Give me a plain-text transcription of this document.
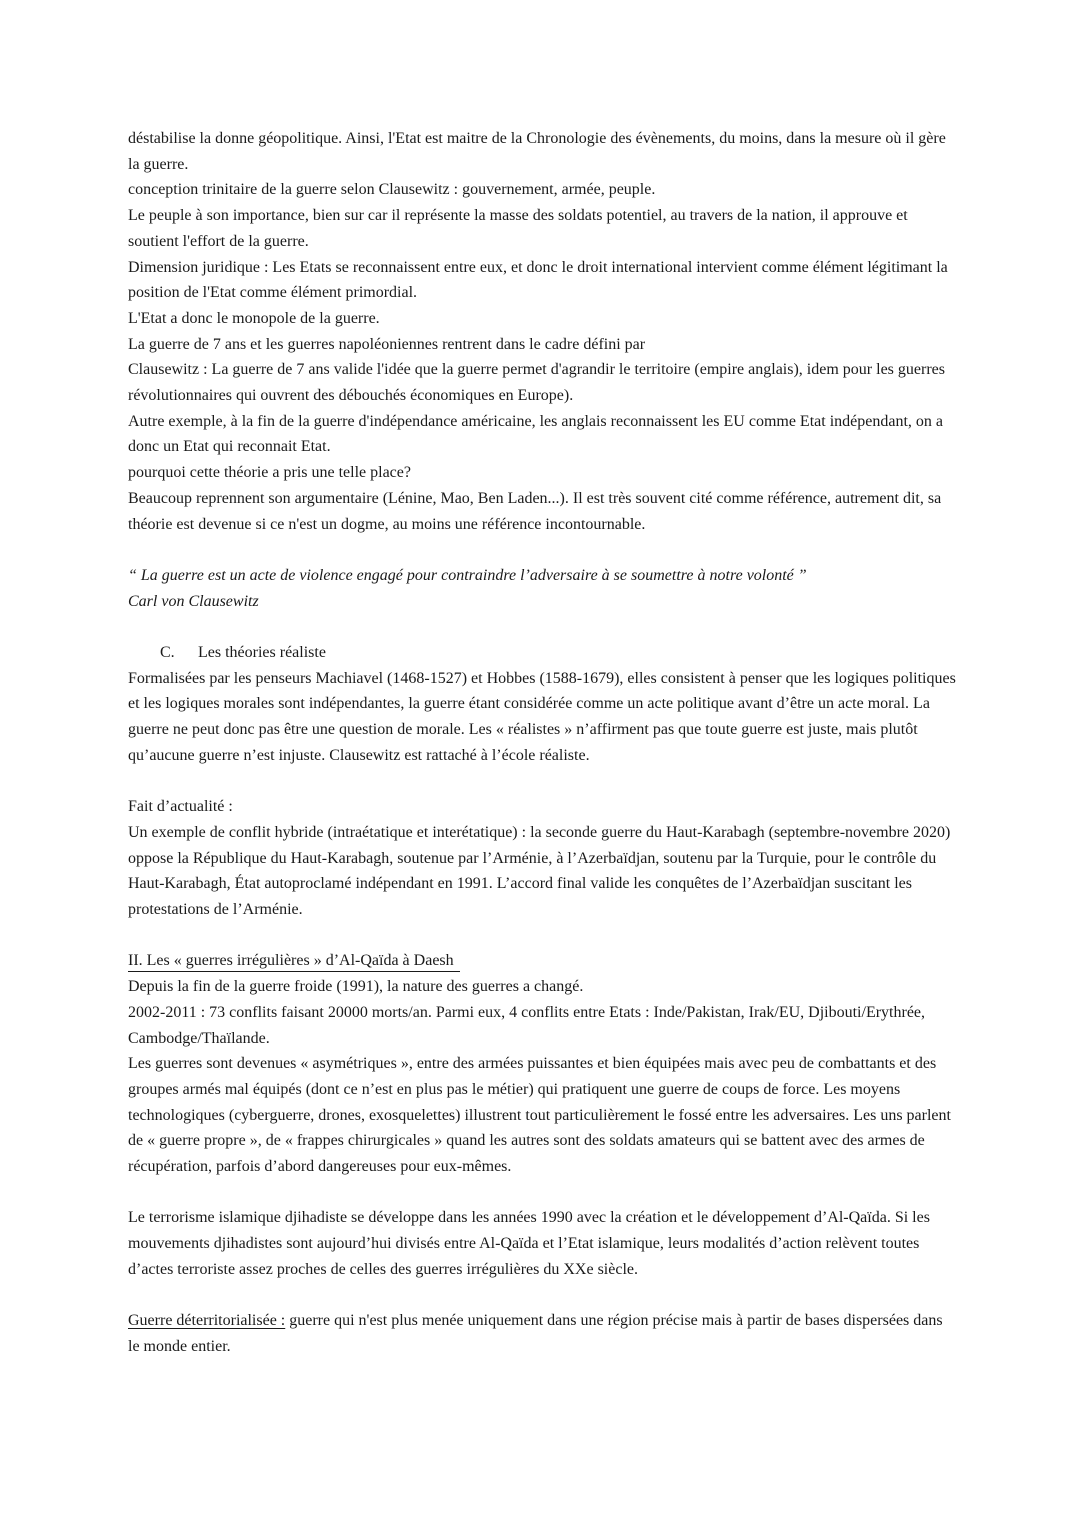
déstabilise la donne géopolitique. Ainsi, l'Etat est maitre de la Chronologie des évènements, du moins, dans la mesure où il gère la guerre.

conception trinitaire de la guerre selon Clausewitz : gouvernement, armée, peuple.

Le peuple à son importance, bien sur car il représente la masse des soldats potentiel, au travers de la nation, il approuve et soutient l'effort de la guerre.

Dimension juridique : Les Etats se reconnaissent entre eux, et donc le droit international intervient comme élément légitimant la position de l'Etat comme élément primordial.

L'Etat a donc le monopole de la guerre.

La guerre de 7 ans et les guerres napoléoniennes rentrent dans le cadre défini par

Clausewitz : La guerre de 7 ans valide l'idée que la guerre permet d'agrandir le territoire (empire anglais), idem pour les guerres révolutionnaires qui ouvrent des débouchés économiques en Europe).

Autre exemple, à la fin de la guerre d'indépendance américaine, les anglais reconnaissent les EU comme Etat indépendant, on a donc un Etat qui reconnait Etat.

pourquoi cette théorie a pris une telle place?

Beaucoup reprennent son argumentaire (Lénine, Mao, Ben Laden...). Il est très souvent cité comme référence, autrement dit, sa théorie est devenue si ce n'est un dogme, au moins une référence incontournable.

“ La guerre est un acte de violence engagé pour contraindre l’adversaire à se soumettre à notre volonté ”

Carl von Clausewitz

C. Les théories réaliste

Formalisées par les penseurs Machiavel (1468-1527) et Hobbes (1588-1679), elles consistent à penser que les logiques politiques et les logiques morales sont indépendantes, la guerre étant considérée comme un acte politique avant d’être un acte moral. La guerre ne peut donc pas être une question de morale. Les « réalistes » n’affirment pas que toute guerre est juste, mais plutôt qu’aucune guerre n’est injuste. Clausewitz est rattaché à l’école réaliste.

Fait d’actualité :

Un exemple de conflit hybride (intraétatique et interétatique) : la seconde guerre du Haut-Karabagh (septembre-novembre 2020) oppose la République du Haut-Karabagh, soutenue par l’Arménie, à l’Azerbaïdjan, soutenu par la Turquie, pour le contrôle du Haut-Karabagh, État autoproclamé indépendant en 1991. L’accord final valide les conquêtes de l’Azerbaïdjan suscitant les protestations de l’Arménie.

II. Les « guerres irrégulières » d’Al-Qaïda à Daesh

Depuis la fin de la guerre froide (1991), la nature des guerres a changé.

2002-2011 : 73 conflits faisant 20000 morts/an. Parmi eux, 4 conflits entre Etats : Inde/Pakistan, Irak/EU, Djibouti/Erythrée, Cambodge/Thaïlande.

Les guerres sont devenues « asymétriques », entre des armées puissantes et bien équipées mais avec peu de combattants et des groupes armés mal équipés (dont ce n’est en plus pas le métier) qui pratiquent une guerre de coups de force. Les moyens technologiques (cyberguerre, drones, exosquelettes) illustrent tout particulièrement le fossé entre les adversaires. Les uns parlent de « guerre propre », de « frappes chirurgicales » quand les autres sont des soldats amateurs qui se battent avec des armes de récupération, parfois d’abord dangereuses pour eux-mêmes.

Le terrorisme islamique djihadiste se développe dans les années 1990 avec la création et le développement d’Al-Qaïda. Si les mouvements djihadistes sont aujourd’hui divisés entre Al-Qaïda et l’Etat islamique, leurs modalités d’action relèvent toutes d’actes terroriste assez proches de celles des guerres irrégulières du XXe siècle.

Guerre déterritorialisée : guerre qui n'est plus menée uniquement dans une région précise mais à partir de bases dispersées dans le monde entier.
